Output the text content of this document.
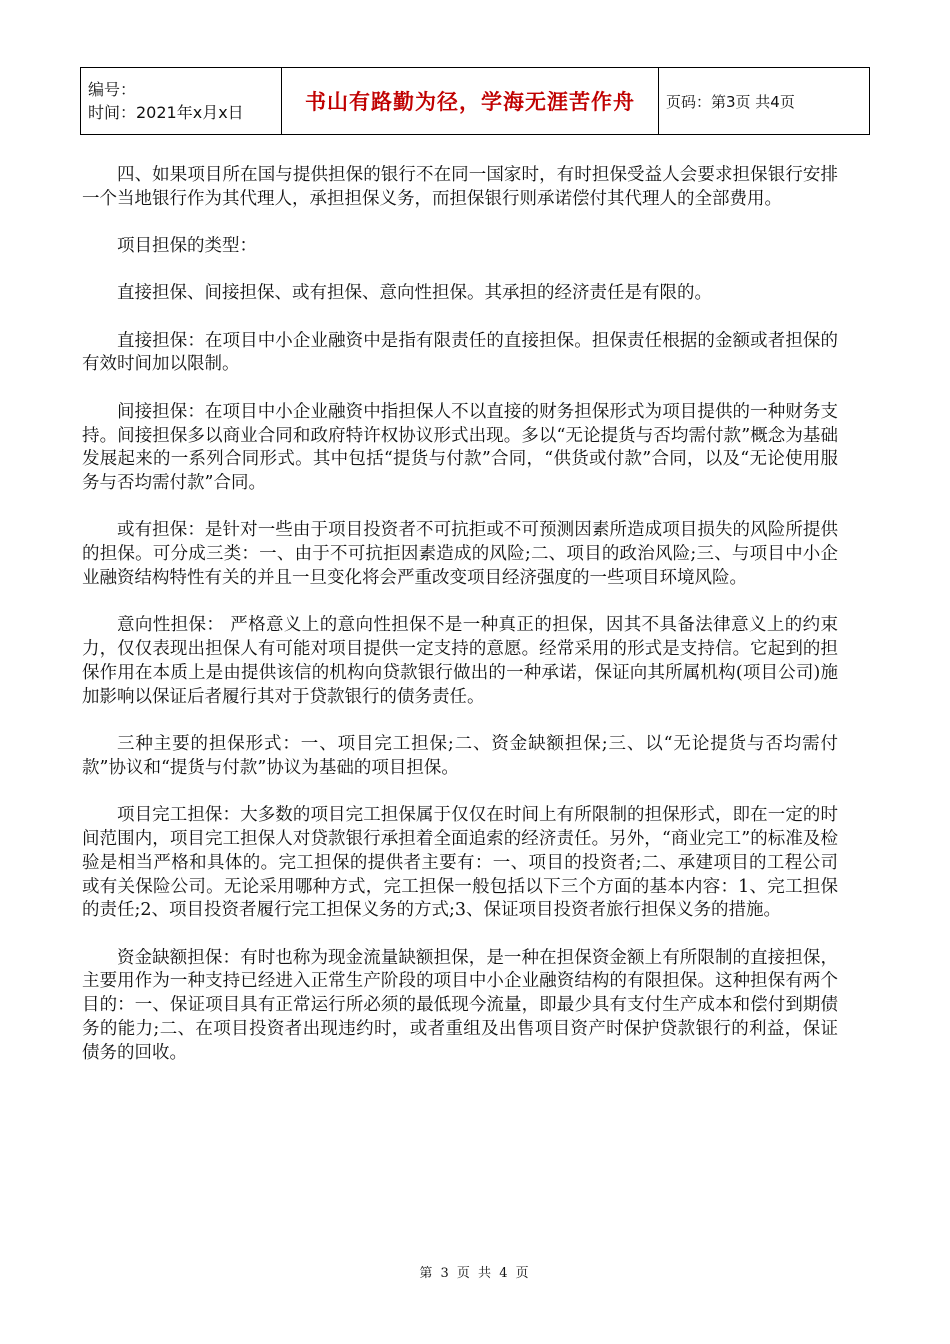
编号：
时间：2021年x月x日	书山有路勤为径，学海无涯苦作舟	页码：第3页 共4页

四、如果项目所在国与提供担保的银行不在同一国家时，有时担保受益人会要求担保银行安排一个当地银行作为其代理人，承担担保义务，而担保银行则承诺偿付其代理人的全部费用。

项目担保的类型：

直接担保、间接担保、或有担保、意向性担保。其承担的经济责任是有限的。

直接担保：在项目中小企业融资中是指有限责任的直接担保。担保责任根据的金额或者担保的有效时间加以限制。

间接担保：在项目中小企业融资中指担保人不以直接的财务担保形式为项目提供的一种财务支持。间接担保多以商业合同和政府特许权协议形式出现。多以“无论提货与否均需付款”概念为基础发展起来的一系列合同形式。其中包括“提货与付款”合同，“供货或付款”合同，以及“无论使用服务与否均需付款”合同。

或有担保：是针对一些由于项目投资者不可抗拒或不可预测因素所造成项目损失的风险所提供的担保。可分成三类：一、由于不可抗拒因素造成的风险;二、项目的政治风险;三、与项目中小企业融资结构特性有关的并且一旦变化将会严重改变项目经济强度的一些项目环境风险。

意向性担保： 严格意义上的意向性担保不是一种真正的担保，因其不具备法律意义上的约束力，仅仅表现出担保人有可能对项目提供一定支持的意愿。经常采用的形式是支持信。它起到的担保作用在本质上是由提供该信的机构向贷款银行做出的一种承诺，保证向其所属机构(项目公司)施加影响以保证后者履行其对于贷款银行的债务责任。

三种主要的担保形式：一、项目完工担保;二、资金缺额担保;三、以“无论提货与否均需付款”协议和“提货与付款”协议为基础的项目担保。

项目完工担保：大多数的项目完工担保属于仅仅在时间上有所限制的担保形式，即在一定的时间范围内，项目完工担保人对贷款银行承担着全面追索的经济责任。另外，“商业完工”的标准及检验是相当严格和具体的。完工担保的提供者主要有：一、项目的投资者;二、承建项目的工程公司或有关保险公司。无论采用哪种方式，完工担保一般包括以下三个方面的基本内容：1、完工担保的责任;2、项目投资者履行完工担保义务的方式;3、保证项目投资者旅行担保义务的措施。

资金缺额担保：有时也称为现金流量缺额担保，是一种在担保资金额上有所限制的直接担保，主要用作为一种支持已经进入正常生产阶段的项目中小企业融资结构的有限担保。这种担保有两个目的：一、保证项目具有正常运行所必须的最低现今流量，即最少具有支付生产成本和偿付到期债务的能力;二、在项目投资者出现违约时，或者重组及出售项目资产时保护贷款银行的利益，保证债务的回收。

第 3 页 共 4 页
